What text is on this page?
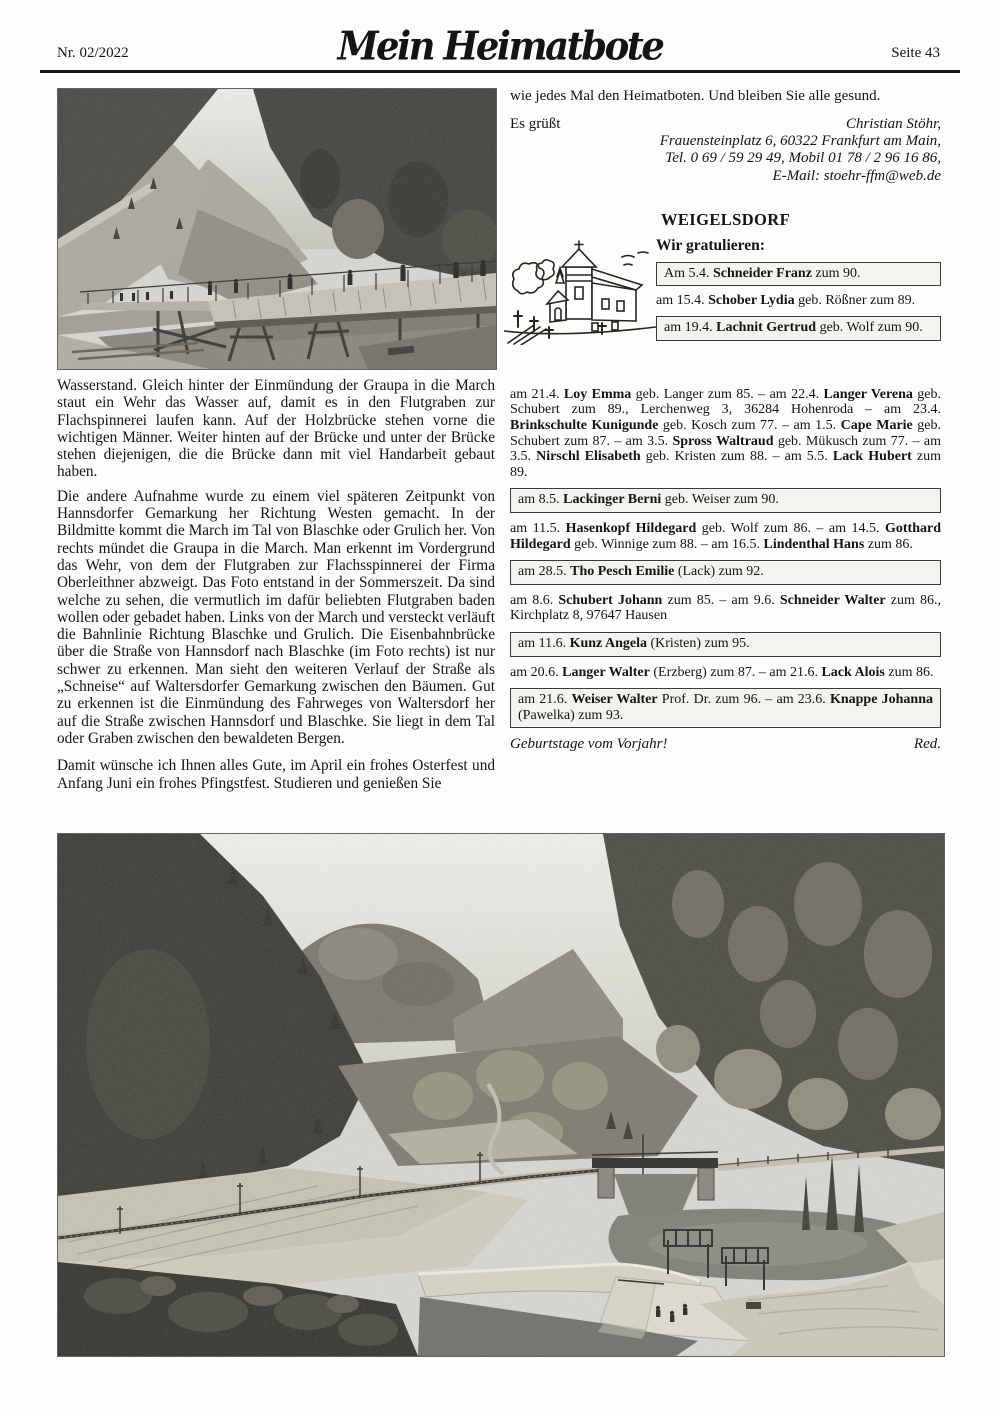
Nr. 02/2022	Mein Heimatbote	Seite 43

Wasserstand. Gleich hinter der Einmündung der Graupa in die March staut ein Wehr das Wasser auf, damit es in den Flutgraben zur Flachspinnerei laufen kann. Auf der Holzbrücke stehen vorne die wichtigen Männer. Weiter hinten auf der Brücke und unter der Brücke stehen diejenigen, die die Brücke dann mit viel Handarbeit gebaut haben.

Die andere Aufnahme wurde zu einem viel späteren Zeitpunkt von Hannsdorfer Gemarkung her Richtung Westen gemacht. In der Bildmitte kommt die March im Tal von Blaschke oder Grulich her. Von rechts mündet die Graupa in die March. Man erkennt im Vordergrund das Wehr, von dem der Flutgraben zur Flachsspinnerei der Firma Oberleithner abzweigt. Das Foto entstand in der Sommerszeit. Da sind welche zu sehen, die vermutlich im dafür beliebten Flutgraben baden wollen oder gebadet haben. Links von der March und versteckt verläuft die Bahnlinie Richtung Blaschke und Grulich. Die Eisenbahnbrücke über die Straße von Hannsdorf nach Blaschke (im Foto rechts) ist nur schwer zu erkennen. Man sieht den weiteren Verlauf der Straße als „Schneise“ auf Waltersdorfer Gemarkung zwischen den Bäumen. Gut zu erkennen ist die Einmündung des Fahrweges von Waltersdorf her auf die Straße zwischen Hannsdorf und Blaschke. Sie liegt in dem Tal oder Graben zwischen den bewaldeten Bergen.

Damit wünsche ich Ihnen alles Gute, im April ein frohes Osterfest und Anfang Juni ein frohes Pfingstfest. Studieren und genießen Sie

wie jedes Mal den Heimatboten. Und bleiben Sie alle gesund.
Es grüßt	Christian Stöhr,
Frauensteinplatz 6, 60322 Frankfurt am Main,
Tel. 0 69 / 59 29 49, Mobil 01 78 / 2 96 16 86,
E-Mail: stoehr-ffm@web.de
WEIGELSDORF
Wir gratulieren:
Am 5.4. Schneider Franz zum 90.
am 15.4. Schober Lydia geb. Rößner zum 89.
am 19.4. Lachnit Gertrud geb. Wolf zum 90.
am 21.4. Loy Emma geb. Langer zum 85. – am 22.4. Langer Verena geb. Schubert zum 89., Lerchenweg 3, 36284 Hohenroda – am 23.4. Brinkschulte Kunigunde geb. Kosch zum 77. – am 1.5. Cape Marie geb. Schubert zum 87. – am 3.5. Spross Waltraud geb. Mükusch zum 77. – am 3.5. Nirschl Elisabeth geb. Kristen zum 88. – am 5.5. Lack Hubert zum 89.
am 8.5. Lackinger Berni geb. Weiser zum 90.
am 11.5. Hasenkopf Hildegard geb. Wolf zum 86. – am 14.5. Gotthard Hildegard geb. Winnige zum 88. – am 16.5. Lindenthal Hans zum 86.
am 28.5. Tho Pesch Emilie (Lack) zum 92.
am 8.6. Schubert Johann zum 85. – am 9.6. Schneider Walter zum 86., Kirchplatz 8, 97647 Hausen
am 11.6. Kunz Angela (Kristen) zum 95.
am 20.6. Langer Walter (Erzberg) zum 87. – am 21.6. Lack Alois zum 86.
am 21.6. Weiser Walter Prof. Dr. zum 96. – am 23.6. Knappe Johanna (Pawelka) zum 93.
Geburtstage vom Vorjahr!	Red.
